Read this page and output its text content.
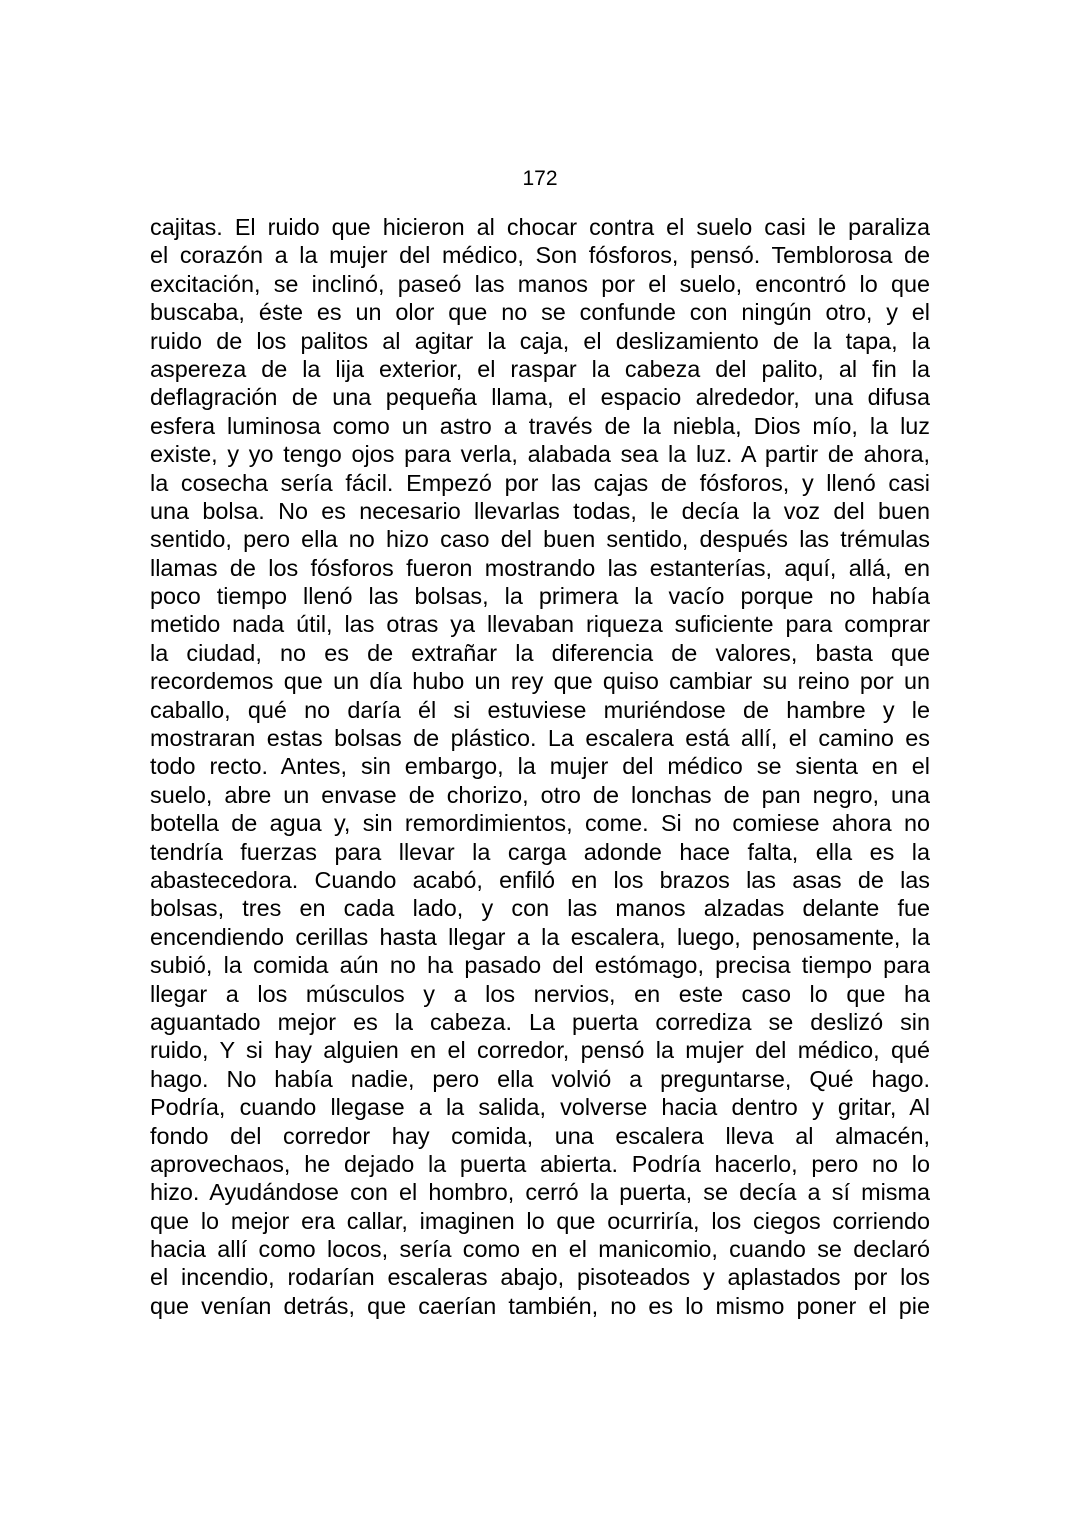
172
cajitas. El ruido que hicieron al chocar contra el suelo casi le paraliza
el corazón a la mujer del médico, Son fósforos, pensó. Temblorosa de
excitación, se inclinó, paseó las manos por el suelo, encontró lo que
buscaba, éste es un olor que no se confunde con ningún otro, y el
ruido de los palitos al agitar la caja, el deslizamiento de la tapa, la
aspereza de la lija exterior, el raspar la cabeza del palito, al fin la
deflagración de una pequeña llama, el espacio alrededor, una difusa
esfera luminosa como un astro a través de la niebla, Dios mío, la luz
existe, y yo tengo ojos para verla, alabada sea la luz. A partir de ahora,
la cosecha sería fácil. Empezó por las cajas de fósforos, y llenó casi
una bolsa. No es necesario llevarlas todas, le decía la voz del buen
sentido, pero ella no hizo caso del buen sentido, después las trémulas
llamas de los fósforos fueron mostrando las estanterías, aquí, allá, en
poco tiempo llenó las bolsas, la primera la vacío porque no había
metido nada útil, las otras ya llevaban riqueza suficiente para comprar
la ciudad, no es de extrañar la diferencia de valores, basta que
recordemos que un día hubo un rey que quiso cambiar su reino por un
caballo, qué no daría él si estuviese muriéndose de hambre y le
mostraran estas bolsas de plástico. La escalera está allí, el camino es
todo recto. Antes, sin embargo, la mujer del médico se sienta en el
suelo, abre un envase de chorizo, otro de lonchas de pan negro, una
botella de agua y, sin remordimientos, come. Si no comiese ahora no
tendría fuerzas para llevar la carga adonde hace falta, ella es la
abastecedora. Cuando acabó, enfiló en los brazos las asas de las
bolsas, tres en cada lado, y con las manos alzadas delante fue
encendiendo cerillas hasta llegar a la escalera, luego, penosamente, la
subió, la comida aún no ha pasado del estómago, precisa tiempo para
llegar a los músculos y a los nervios, en este caso lo que ha
aguantado mejor es la cabeza. La puerta corrediza se deslizó sin
ruido, Y si hay alguien en el corredor, pensó la mujer del médico, qué
hago. No había nadie, pero ella volvió a preguntarse, Qué hago.
Podría, cuando llegase a la salida, volverse hacia dentro y gritar, Al
fondo del corredor hay comida, una escalera lleva al almacén,
aprovechaos, he dejado la puerta abierta. Podría hacerlo, pero no lo
hizo. Ayudándose con el hombro, cerró la puerta, se decía a sí misma
que lo mejor era callar, imaginen lo que ocurriría, los ciegos corriendo
hacia allí como locos, sería como en el manicomio, cuando se declaró
el incendio, rodarían escaleras abajo, pisoteados y aplastados por los
que venían detrás, que caerían también, no es lo mismo poner el pie
